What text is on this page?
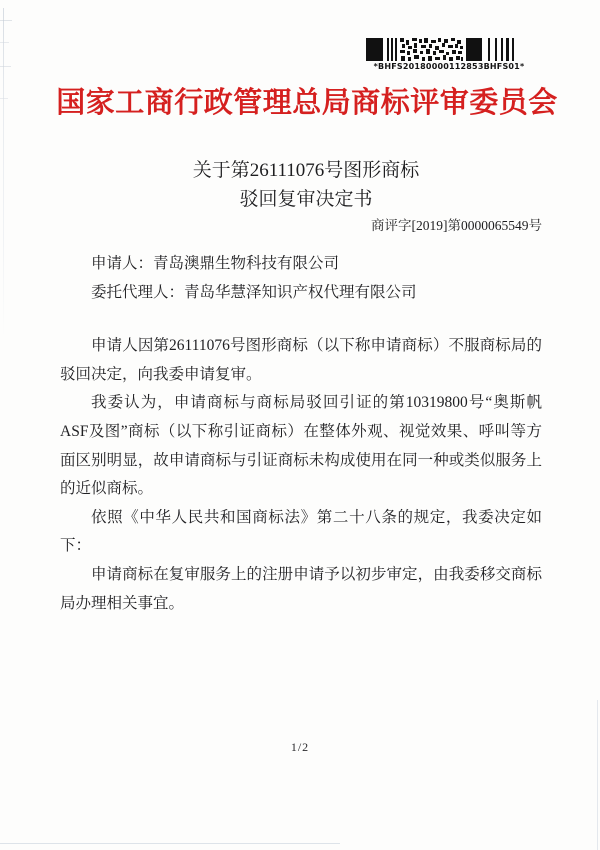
*BHFS20180000112853BHFS01*
国家工商行政管理总局商标评审委员会
关于第26111076号图形商标
驳回复审决定书
商评字[2019]第0000065549号

申请人：青岛澳鼎生物科技有限公司

委托代理人：青岛华慧泽知识产权代理有限公司

申请人因第26111076号图形商标（以下称申请商标）不服商标局的驳回决定，向我委申请复审。

我委认为，申请商标与商标局驳回引证的第10319800号“奥斯帆ASF及图”商标（以下称引证商标）在整体外观、视觉效果、呼叫等方面区别明显，故申请商标与引证商标未构成使用在同一种或类似服务上的近似商标。

依照《中华人民共和国商标法》第二十八条的规定，我委决定如下：

申请商标在复审服务上的注册申请予以初步审定，由我委移交商标局办理相关事宜。

1/2
